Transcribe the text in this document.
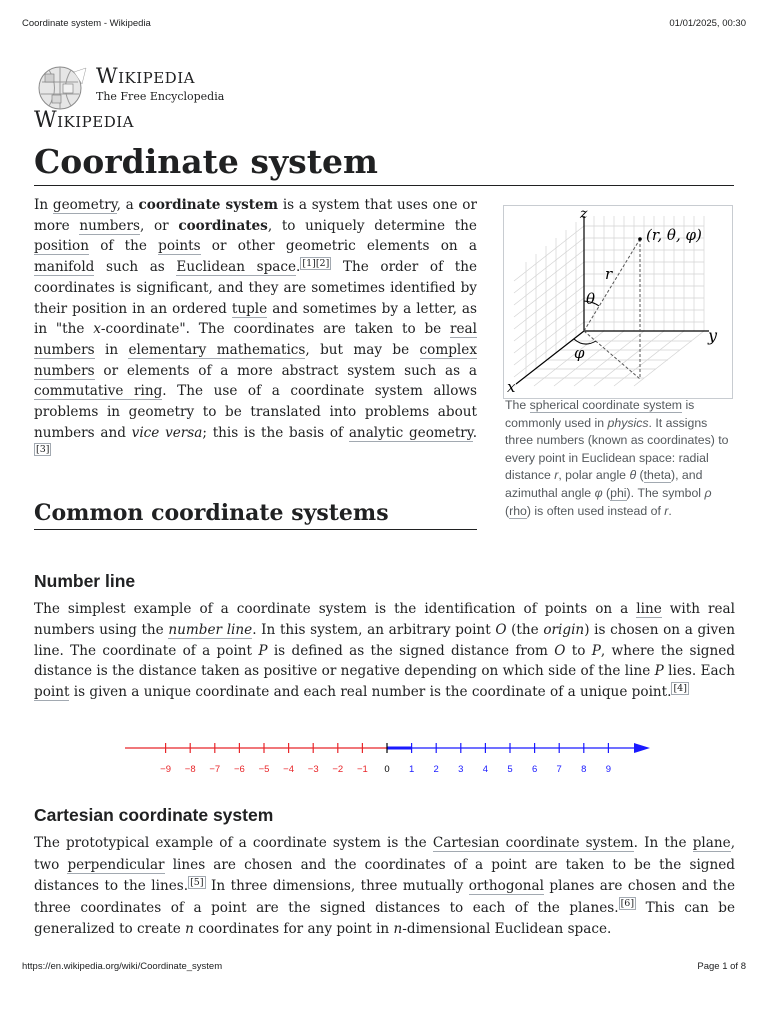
Coordinate system - Wikipedia	01/01/2025, 00:30
Wikipedia
The Free Encyclopedia
Wikipedia
Coordinate system

In geometry, a coordinate system is a system that uses one or more numbers, or coordinates, to uniquely determine the position of the points or other geometric elements on a manifold such as Euclidean space. [1][2] The order of the coordinates is significant, and they are sometimes identified by their position in an ordered tuple and sometimes by a letter, as in "the x-coordinate". The coordinates are taken to be real numbers in elementary mathematics, but may be complex numbers or elements of a more abstract system such as a commutative ring. The use of a coordinate system allows problems in geometry to be translated into problems about numbers and vice versa; this is the basis of analytic geometry.[3]

z
y
x
r
θ
φ
(r, θ, φ)

The spherical coordinate system is commonly used in physics. It assigns three numbers (known as coordinates) to every point in Euclidean space: radial distance r, polar angle θ (theta), and azimuthal angle φ (phi). The symbol ρ (rho) is often used instead of r.

Common coordinate systems
Number line

The simplest example of a coordinate system is the identification of points on a line with real numbers using the number line. In this system, an arbitrary point O (the origin) is chosen on a given line. The coordinate of a point P is defined as the signed distance from O to P, where the signed distance is the distance taken as positive or negative depending on which side of the line P lies. Each point is given a unique coordinate and each real number is the coordinate of a unique point. [4]

−9 −8 −7 −6 −5 −4 −3 −2 −1 0 1 2 3 4 5 6 7 8 9
Cartesian coordinate system

The prototypical example of a coordinate system is the Cartesian coordinate system. In the plane, two perpendicular lines are chosen and the coordinates of a point are taken to be the signed distances to the lines. [5] In three dimensions, three mutually orthogonal planes are chosen and the three coordinates of a point are the signed distances to each of the planes. [6] This can be generalized to create n coordinates for any point in n-dimensional Euclidean space.

https://en.wikipedia.org/wiki/Coordinate_system	Page 1 of 8
